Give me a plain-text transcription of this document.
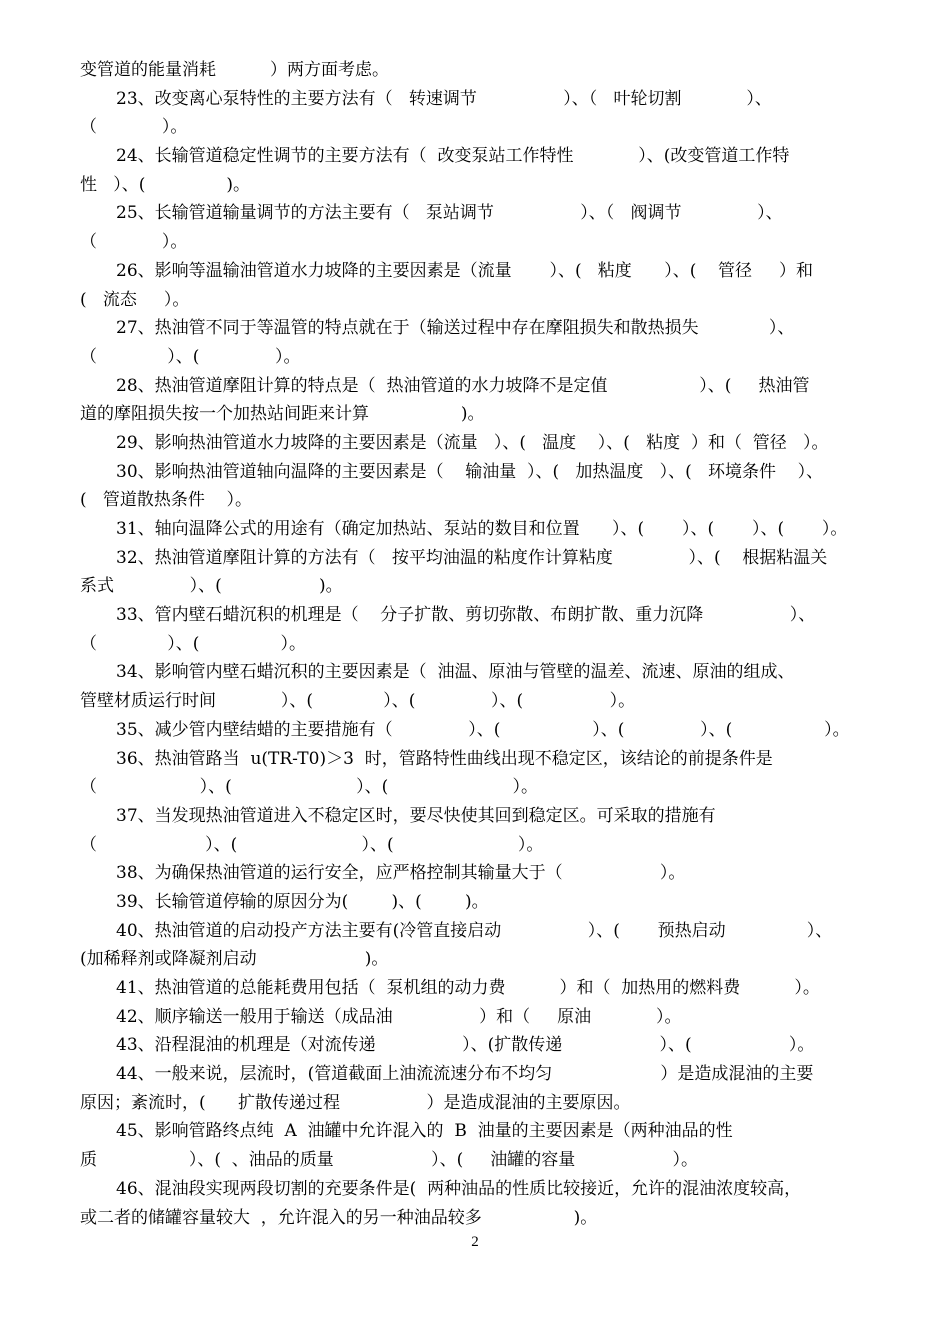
变管道的能量消耗          ）两方面考虑。
23、改变离心泵特性的主要方法有（   转速调节                ）、（   叶轮切割            ）、
（            ）。
24、长输管道稳定性调节的主要方法有（  改变泵站工作特性            ）、(改变管道工作特
性   ）、(               )。
25、长输管道输量调节的方法主要有（   泵站调节                ）、（   阀调节              ）、
（            ）。
26、影响等温输油管道水力坡降的主要因素是（流量       ）、(   粘度      ）、(    管径     ）和
(   流态     ）。
27、热油管不同于等温管的特点就在于（输送过程中存在摩阻损失和散热损失             ）、
（             ）、(              ）。
28、热油管道摩阻计算的特点是（  热油管道的水力坡降不是定值                 ）、(     热油管
道的摩阻损失按一个加热站间距来计算                 )。
29、影响热油管道水力坡降的主要因素是（流量   ）、(   温度    ）、(   粘度  ）和（  管径   ）。
30、影响热油管道轴向温降的主要因素是（    输油量  ）、(   加热温度   ）、(   环境条件    ）、
(   管道散热条件    ）。
31、轴向温降公式的用途有（确定加热站、泵站的数目和位置      ）、(       ）、(       ）、(       ）。
32、热油管道摩阻计算的方法有（   按平均油温的粘度作计算粘度              ）、(    根据粘温关
系式              ）、(                  )。
33、管内壁石蜡沉积的机理是（    分子扩散、剪切弥散、布朗扩散、重力沉降                ）、
（             ）、(               ）。
34、影响管内壁石蜡沉积的主要因素是（  油温、原油与管壁的温差、流速、原油的组成、
管壁材质运行时间            ）、(             ）、(              ）、(                ）。
35、减少管内壁结蜡的主要措施有（              ）、(                 ）、(              ）、(                 ）。
36、热油管路当  u(TR-T0)＞3  时，管路特性曲线出现不稳定区，该结论的前提条件是
（                   ）、(                       ）、(                       ）。
37、当发现热油管道进入不稳定区时，要尽快使其回到稳定区。可采取的措施有
（                    ）、(                       ）、(                       ）。
38、为确保热油管道的运行安全，应严格控制其输量大于（                  ）。
39、长输管道停输的原因分为(        )、(        )。
40、热油管道的启动投产方法主要有(冷管直接启动                ）、(       预热启动               ）、
(加稀释剂或降凝剂启动                    )。
41、热油管道的总能耗费用包括（  泵机组的动力费          ）和（  加热用的燃料费          ）。
42、顺序输送一般用于输送（成品油                ）和（     原油            ）。
43、沿程混油的机理是（对流传递                ）、(扩散传递                  ）、(                  ）。
44、一般来说，层流时，(管道截面上油流流速分布不均匀                    ）是造成混油的主要
原因；紊流时，(      扩散传递过程                ）是造成混油的主要原因。
45、影响管路终点纯  A  油罐中允许混入的  B  油量的主要因素是（两种油品的性
质                 ）、(  、油品的质量                  ）、(     油罐的容量                  ）。
46、混油段实现两段切割的充要条件是(  两种油品的性质比较接近，允许的混油浓度较高，
或二者的储罐容量较大  ，允许混入的另一种油品较多                 )。
2
